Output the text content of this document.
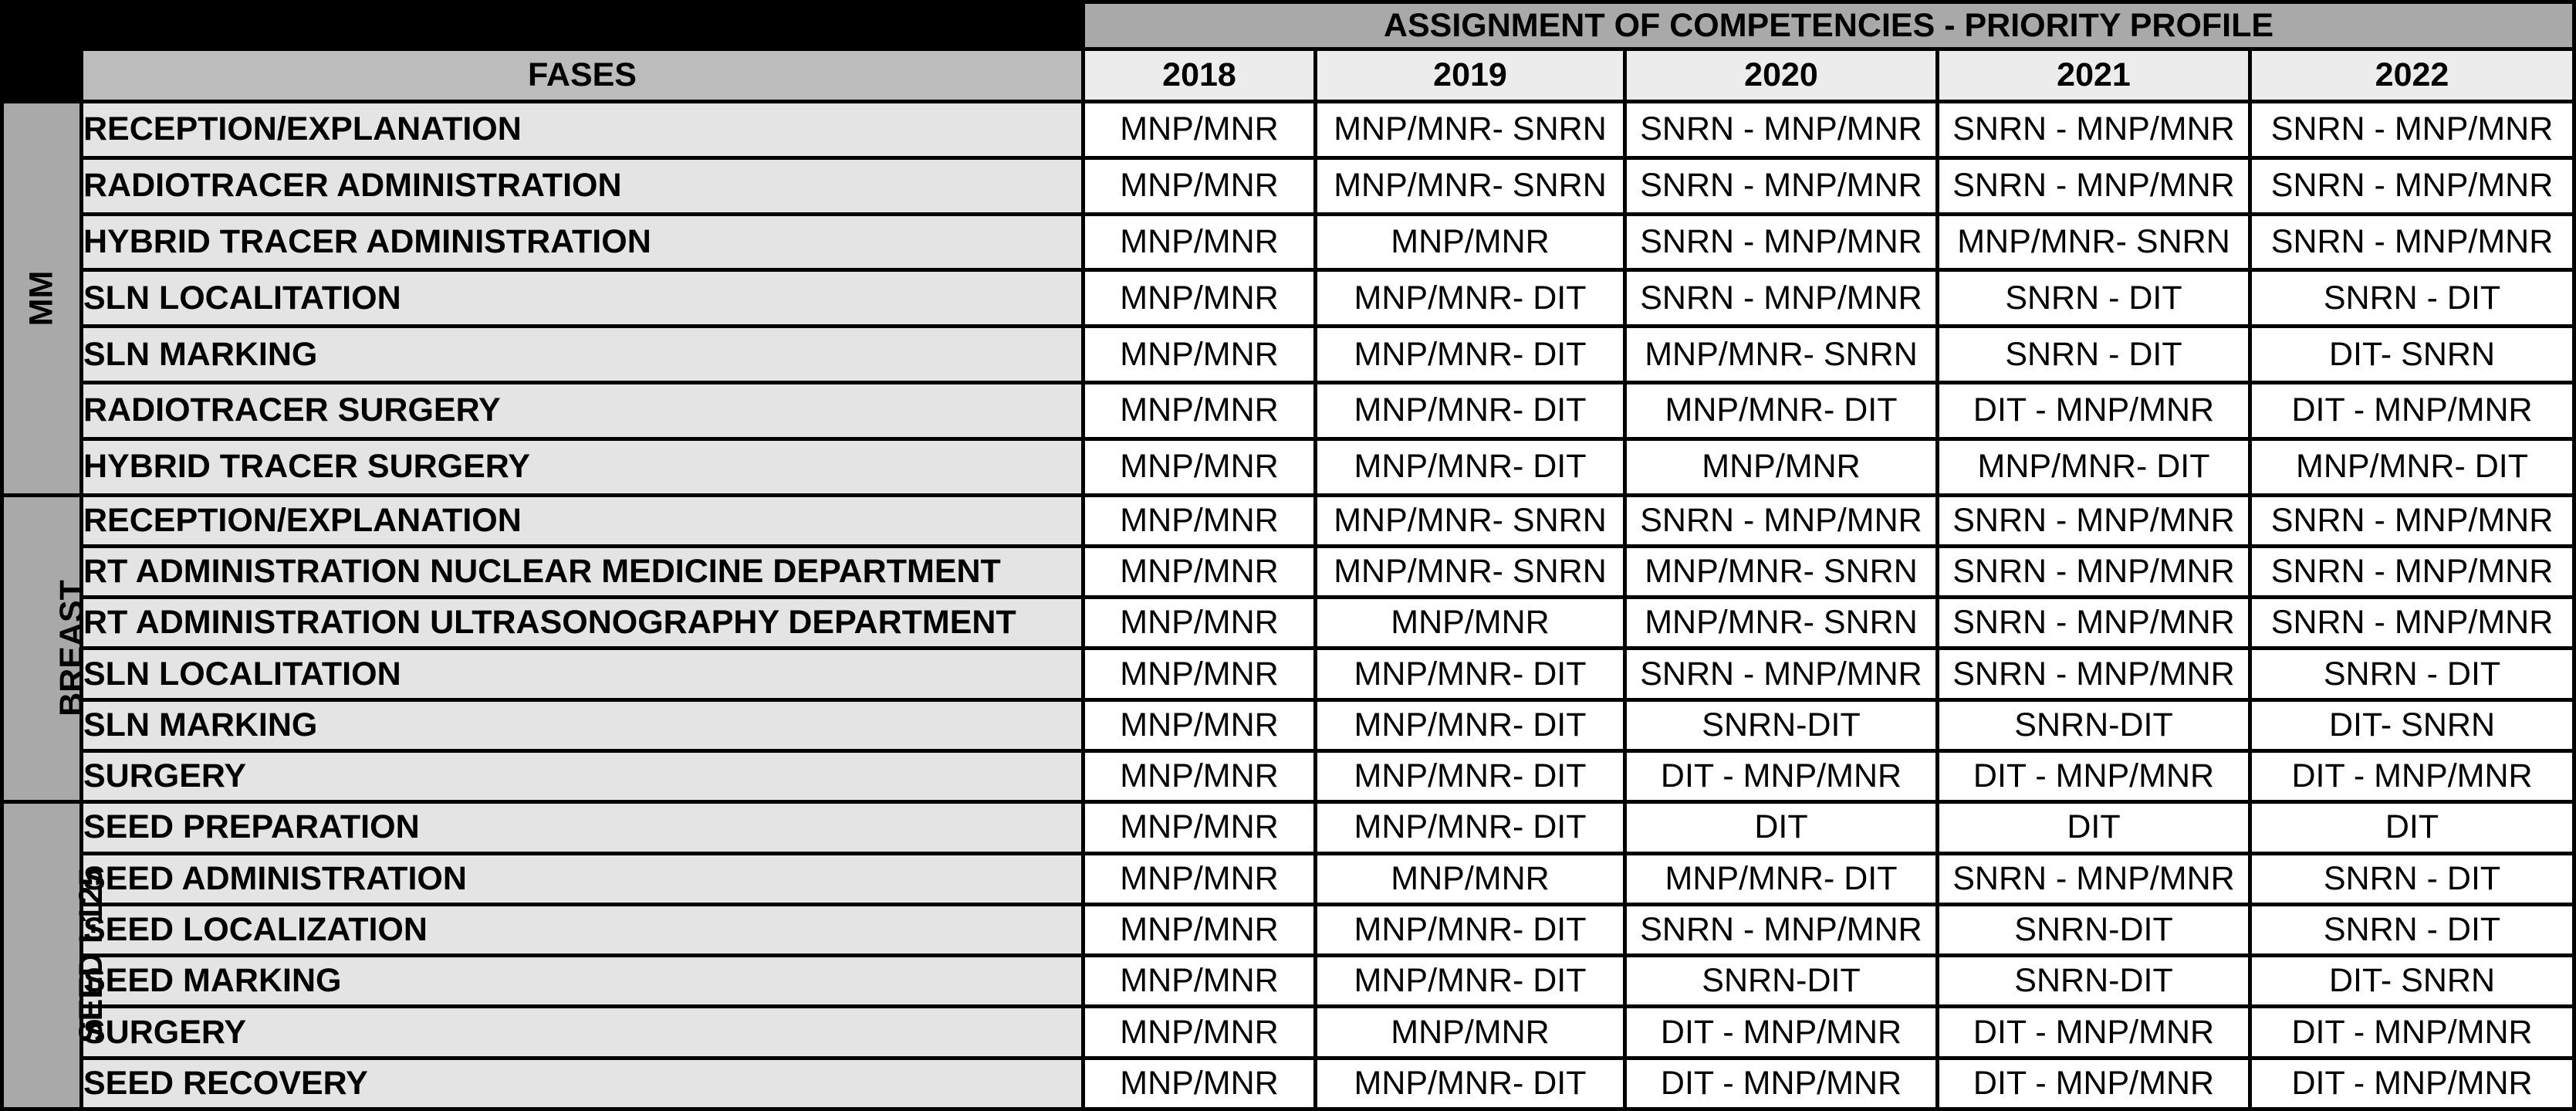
		ASSIGNMENT OF COMPETENCIES - PRIORITY PROFILE				
	FASES	2018	2019	2020	2021	2022
MM	RECEPTION/EXPLANATION	MNP/MNR	MNP/MNR- SNRN	SNRN - MNP/MNR	SNRN - MNP/MNR	SNRN - MNP/MNR
	RADIOTRACER ADMINISTRATION	MNP/MNR	MNP/MNR- SNRN	SNRN - MNP/MNR	SNRN - MNP/MNR	SNRN - MNP/MNR
	HYBRID TRACER ADMINISTRATION	MNP/MNR	MNP/MNR	SNRN - MNP/MNR	MNP/MNR- SNRN	SNRN - MNP/MNR
	SLN LOCALITATION	MNP/MNR	MNP/MNR- DIT	SNRN - MNP/MNR	SNRN - DIT	SNRN - DIT
	SLN MARKING	MNP/MNR	MNP/MNR- DIT	MNP/MNR- SNRN	SNRN - DIT	DIT- SNRN
	RADIOTRACER SURGERY	MNP/MNR	MNP/MNR- DIT	MNP/MNR- DIT	DIT - MNP/MNR	DIT - MNP/MNR
	HYBRID TRACER SURGERY	MNP/MNR	MNP/MNR- DIT	MNP/MNR	MNP/MNR- DIT	MNP/MNR- DIT
BREAST	RECEPTION/EXPLANATION	MNP/MNR	MNP/MNR- SNRN	SNRN - MNP/MNR	SNRN - MNP/MNR	SNRN - MNP/MNR
	RT ADMINISTRATION NUCLEAR MEDICINE DEPARTMENT	MNP/MNR	MNP/MNR- SNRN	MNP/MNR- SNRN	SNRN - MNP/MNR	SNRN - MNP/MNR
	RT ADMINISTRATION ULTRASONOGRAPHY DEPARTMENT	MNP/MNR	MNP/MNR	MNP/MNR- SNRN	SNRN - MNP/MNR	SNRN - MNP/MNR
	SLN LOCALITATION	MNP/MNR	MNP/MNR- DIT	SNRN - MNP/MNR	SNRN - MNP/MNR	SNRN - DIT
	SLN MARKING	MNP/MNR	MNP/MNR- DIT	SNRN-DIT	SNRN-DIT	DIT- SNRN
	SURGERY	MNP/MNR	MNP/MNR- DIT	DIT - MNP/MNR	DIT - MNP/MNR	DIT - MNP/MNR
SEED I-125	SEED PREPARATION	MNP/MNR	MNP/MNR- DIT	DIT	DIT	DIT
	SEED ADMINISTRATION	MNP/MNR	MNP/MNR	MNP/MNR- DIT	SNRN - MNP/MNR	SNRN - DIT
	SEED LOCALIZATION	MNP/MNR	MNP/MNR- DIT	SNRN - MNP/MNR	SNRN-DIT	SNRN - DIT
	SEED MARKING	MNP/MNR	MNP/MNR- DIT	SNRN-DIT	SNRN-DIT	DIT- SNRN
	SURGERY	MNP/MNR	MNP/MNR	DIT - MNP/MNR	DIT - MNP/MNR	DIT - MNP/MNR
	SEED RECOVERY	MNP/MNR	MNP/MNR- DIT	DIT - MNP/MNR	DIT - MNP/MNR	DIT - MNP/MNR
